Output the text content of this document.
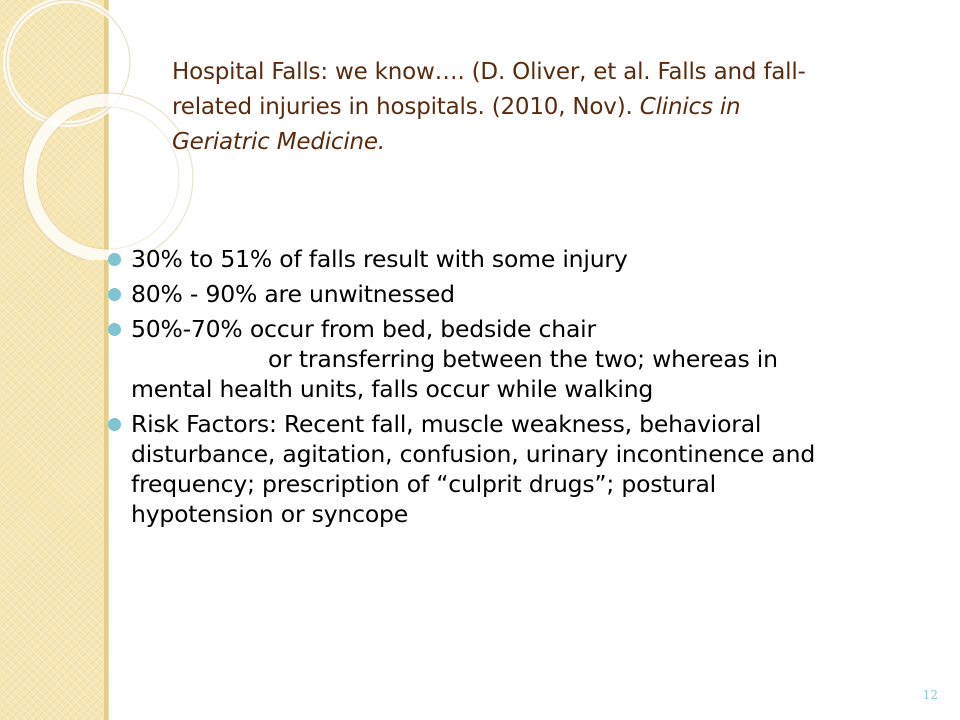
Hospital Falls: we know…. (D. Oliver, et al. Falls and fall-
related injuries in hospitals. (2010, Nov). Clinics in
Geriatric Medicine.
30% to 51% of falls result with some injury
80% - 90% are unwitnessed
50%-70% occur from bed, bedside chair
or transferring between the two; whereas in
mental health units, falls occur while walking
Risk Factors: Recent fall, muscle weakness, behavioral
disturbance, agitation, confusion, urinary incontinence and
frequency; prescription of “culprit drugs”; postural
hypotension or syncope
12
